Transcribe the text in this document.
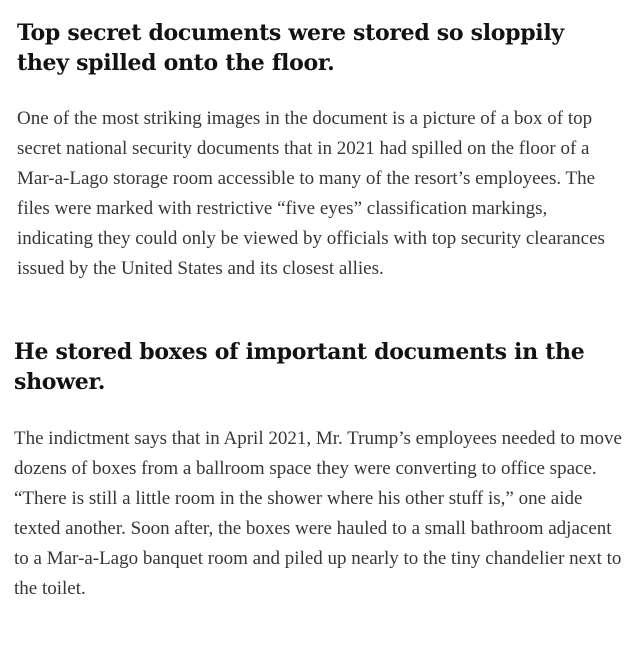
Top secret documents were stored so sloppily they spilled onto the floor.

One of the most striking images in the document is a picture of a box of top secret national security documents that in 2021 had spilled on the floor of a Mar-a-Lago storage room accessible to many of the resort’s employees. The files were marked with restrictive “five eyes” classification markings, indicating they could only be viewed by officials with top security clearances issued by the United States and its closest allies.

He stored boxes of important documents in the shower.

The indictment says that in April 2021, Mr. Trump’s employees needed to move dozens of boxes from a ballroom space they were converting to office space. “There is still a little room in the shower where his other stuff is,” one aide texted another. Soon after, the boxes were hauled to a small bathroom adjacent to a Mar-a-Lago banquet room and piled up nearly to the tiny chandelier next to the toilet.
